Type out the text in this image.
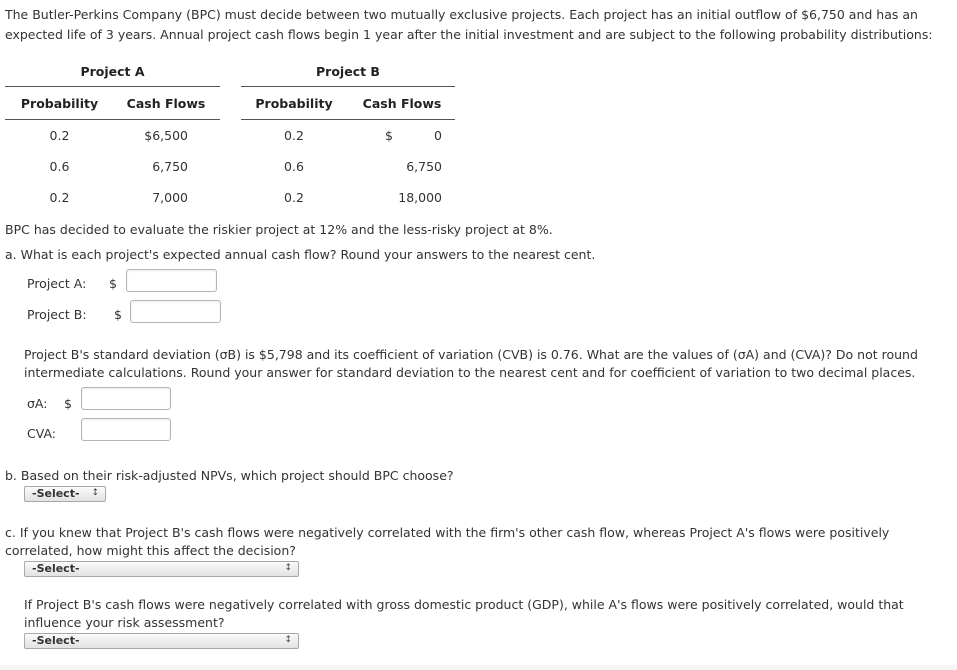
The Butler-Perkins Company (BPC) must decide between two mutually exclusive projects. Each project has an initial outflow of $6,750 and has an expected life of 3 years. Annual project cash flows begin 1 year after the initial investment and are subject to the following probability distributions:
Project A
Probability	Cash Flows
0.2	$6,500
0.6	6,750
0.2	7,000
Project B
Probability	Cash Flows
0.2	$	0
0.6	6,750
0.2	18,000
BPC has decided to evaluate the riskier project at 12% and the less-risky project at 8%.
a. What is each project's expected annual cash flow? Round your answers to the nearest cent.
Project A: $
Project B: $
Project B's standard deviation (σB) is $5,798 and its coefficient of variation (CVB) is 0.76. What are the values of (σA) and (CVA)? Do not round intermediate calculations. Round your answer for standard deviation to the nearest cent and for coefficient of variation to two decimal places.
σA: $
CVA:
b. Based on their risk-adjusted NPVs, which project should BPC choose?
-Select- ↕
c. If you knew that Project B's cash flows were negatively correlated with the firm's other cash flow, whereas Project A's flows were positively correlated, how might this affect the decision?
-Select-	↕
If Project B's cash flows were negatively correlated with gross domestic product (GDP), while A's flows were positively correlated, would that influence your risk assessment?
-Select-	↕
